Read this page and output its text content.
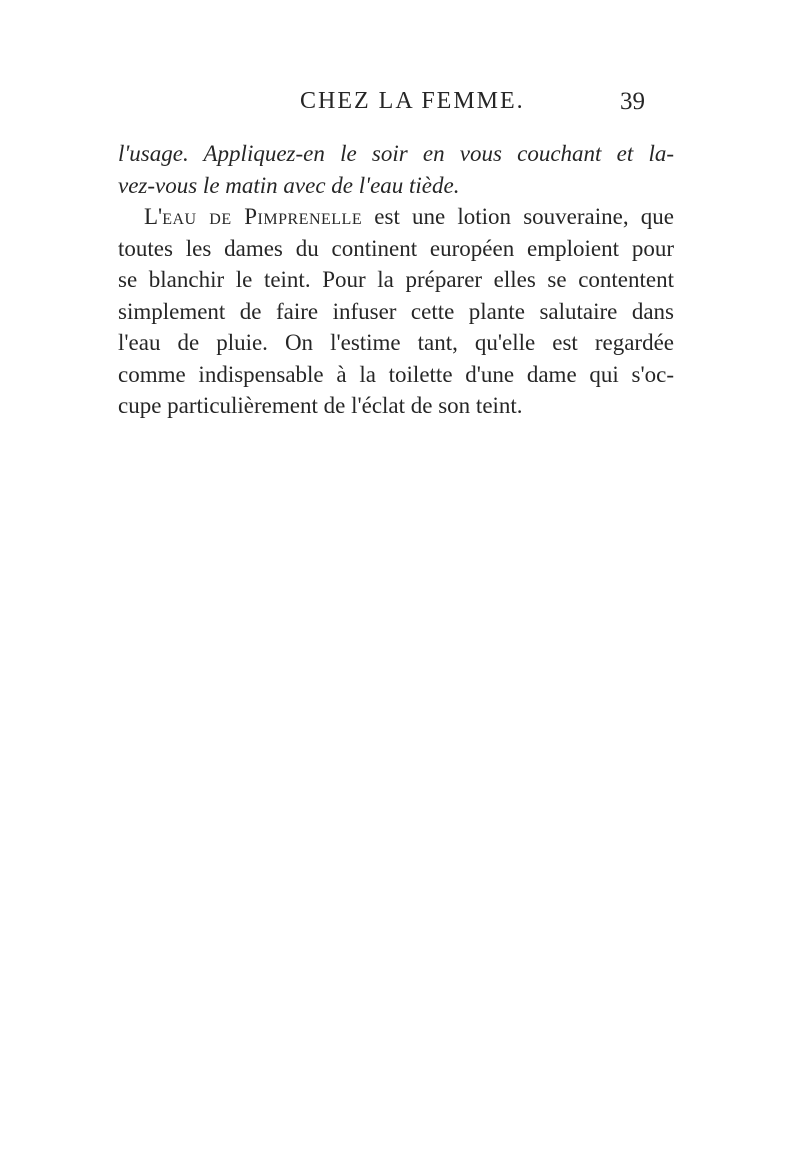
CHEZ LA FEMME.	39
l'usage. Appliquez-en le soir en vous couchant et la-
vez-vous le matin avec de l'eau tiède.
L'eau de Pimprenelle est une lotion souveraine, que
toutes les dames du continent européen emploient pour
se blanchir le teint. Pour la préparer elles se contentent
simplement de faire infuser cette plante salutaire dans
l'eau de pluie. On l'estime tant, qu'elle est regardée
comme indispensable à la toilette d'une dame qui s'oc-
cupe particulièrement de l'éclat de son teint.
